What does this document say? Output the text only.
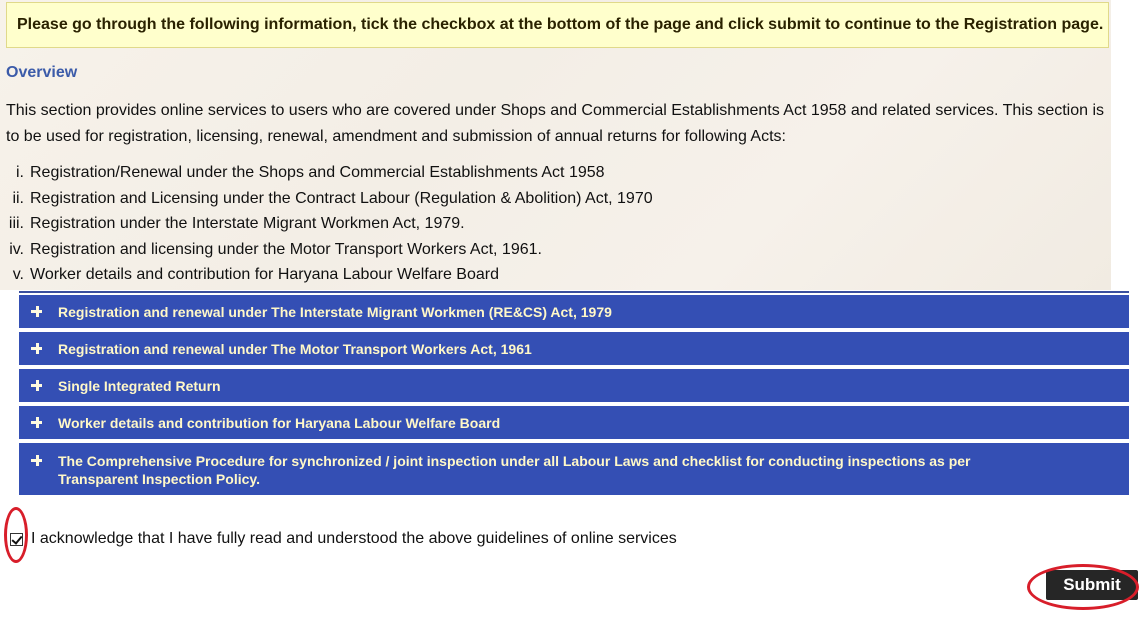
Please go through the following information, tick the checkbox at the bottom of the page and click submit to continue to the Registration page.
Overview
This section provides online services to users who are covered under Shops and Commercial Establishments Act 1958 and related services. This section is
to be used for registration, licensing, renewal, amendment and submission of annual returns for following Acts:
i. Registration/Renewal under the Shops and Commercial Establishments Act 1958
ii. Registration and Licensing under the Contract Labour (Regulation & Abolition) Act, 1970
iii. Registration under the Interstate Migrant Workmen Act, 1979.
iv. Registration and licensing under the Motor Transport Workers Act, 1961.
v. Worker details and contribution for Haryana Labour Welfare Board
Registration and renewal under The Interstate Migrant Workmen (RE&CS) Act, 1979
Registration and renewal under The Motor Transport Workers Act, 1961
Single Integrated Return
Worker details and contribution for Haryana Labour Welfare Board
The Comprehensive Procedure for synchronized / joint inspection under all Labour Laws and checklist for conducting inspections as per Transparent Inspection Policy.
I acknowledge that I have fully read and understood the above guidelines of online services
Submit
